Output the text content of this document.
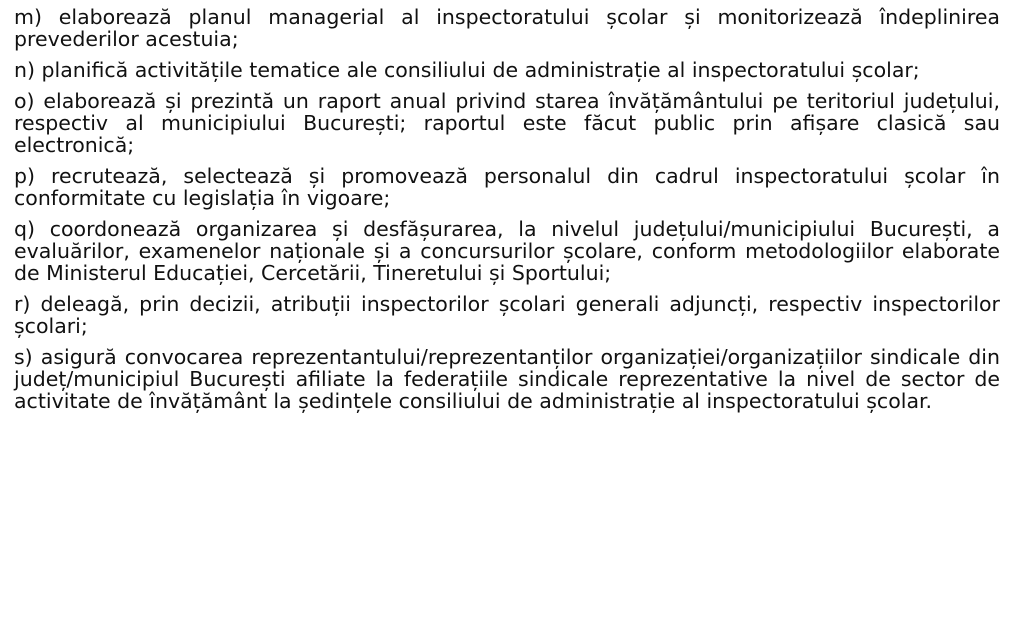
m) elaborează planul managerial al inspectoratului școlar și monitorizează îndeplinirea prevederilor acestuia;

n) planifică activitățile tematice ale consiliului de administrație al inspectoratului școlar;

o) elaborează și prezintă un raport anual privind starea învățământului pe teritoriul județului, respectiv al municipiului București; raportul este făcut public prin afișare clasică sau electronică;

p) recrutează, selectează și promovează personalul din cadrul inspectoratului școlar în conformitate cu legislația în vigoare;

q) coordonează organizarea și desfășurarea, la nivelul județului/municipiului București, a evaluărilor, examenelor naționale și a concursurilor școlare, conform metodologiilor elaborate de Ministerul Educației, Cercetării, Tineretului și Sportului;

r) deleagă, prin decizii, atribuții inspectorilor școlari generali adjuncți, respectiv inspectorilor școlari;

s) asigură convocarea reprezentantului/reprezentanților organizației/organizațiilor sindicale din județ/municipiul București afiliate la federațiile sindicale reprezentative la nivel de sector de activitate de învățământ la ședințele consiliului de administrație al inspectoratului școlar.
